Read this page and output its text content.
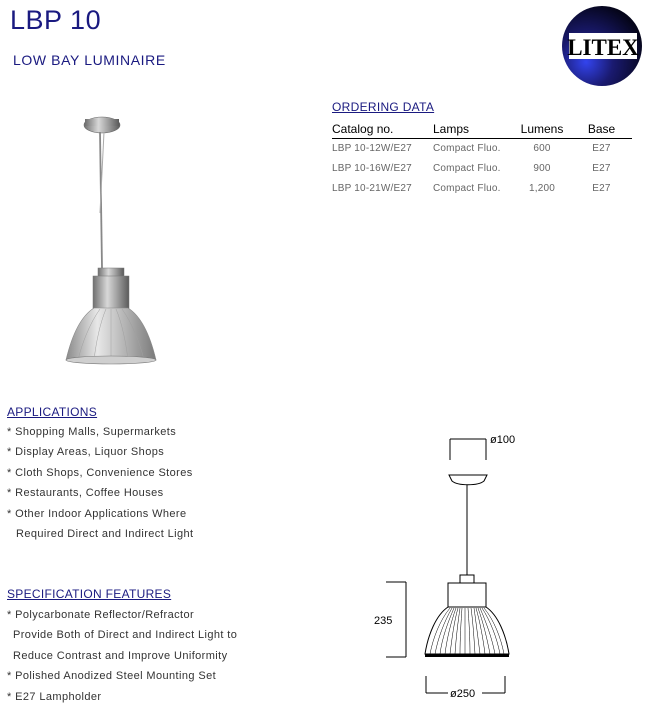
LBP 10
LOW BAY LUMINAIRE	LITEX
ORDERING DATA
Catalog no.	Lamps	Lumens	Base
LBP 10-12W/E27	Compact Fluo.	600	E27
LBP 10-16W/E27	Compact Fluo.	900	E27
LBP 10-21W/E27	Compact Fluo.	1,200	E27
APPLICATIONS
* Shopping Malls, Supermarkets
* Display Areas, Liquor Shops
* Cloth Shops, Convenience Stores
* Restaurants, Coffee Houses
* Other Indoor Applications Where
Required Direct and Indirect Light
SPECIFICATION FEATURES
* Polycarbonate Reflector/Refractor
Provide Both of Direct and Indirect Light to
Reduce Contrast and Improve Uniformity
* Polished Anodized Steel Mounting Set
* E27 Lampholder
ø100
235
ø250
